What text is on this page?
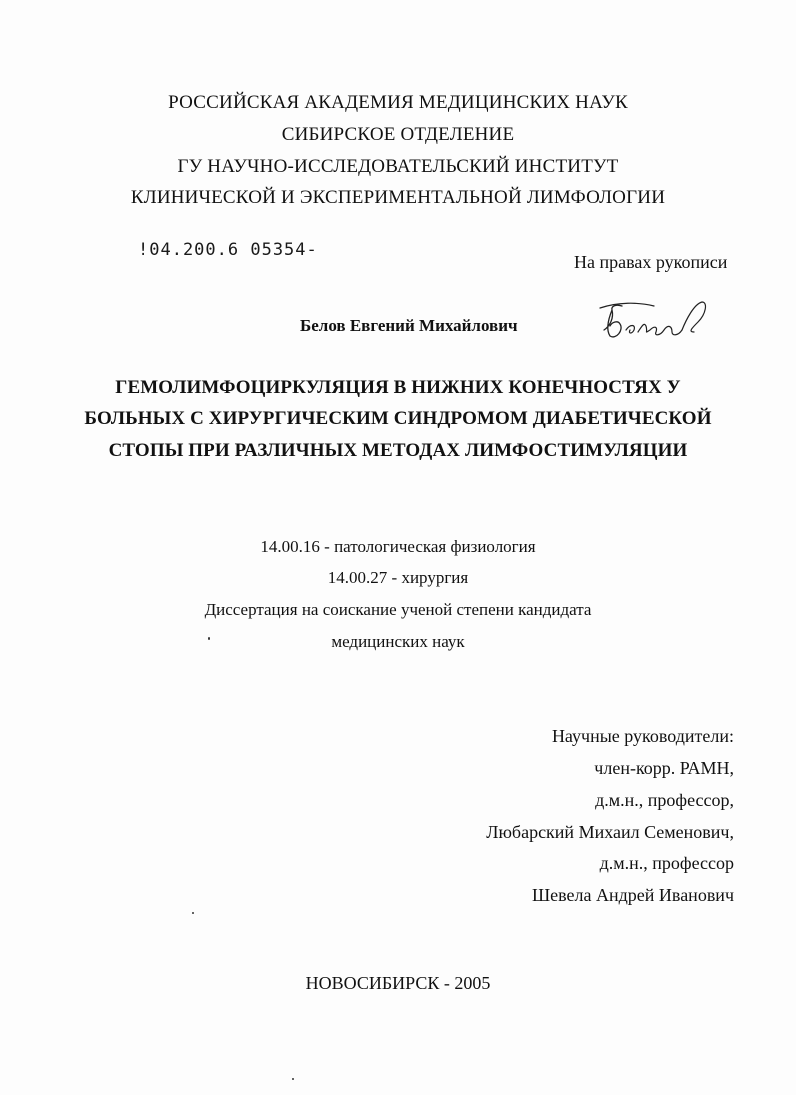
РОССИЙСКАЯ АКАДЕМИЯ МЕДИЦИНСКИХ НАУК
СИБИРСКОЕ ОТДЕЛЕНИЕ
ГУ НАУЧНО-ИССЛЕДОВАТЕЛЬСКИЙ ИНСТИТУТ
КЛИНИЧЕСКОЙ И ЭКСПЕРИМЕНТАЛЬНОЙ ЛИМФОЛОГИИ
!04.200.6 05354-
На правах рукописи
Белов Евгений Михайлович
ГЕМОЛИМФОЦИРКУЛЯЦИЯ В НИЖНИХ КОНЕЧНОСТЯХ У
БОЛЬНЫХ С ХИРУРГИЧЕСКИМ СИНДРОМОМ ДИАБЕТИЧЕСКОЙ
СТОПЫ ПРИ РАЗЛИЧНЫХ МЕТОДАХ ЛИМФОСТИМУЛЯЦИИ
14.00.16 - патологическая физиология
14.00.27 - хирургия
Диссертация на соискание ученой степени кандидата
медицинских наук
Научные руководители:
член-корр. РАМН,
д.м.н., профессор,
Любарский Михаил Семенович,
д.м.н., профессор
Шевела Андрей Иванович
НОВОСИБИРСК - 2005
